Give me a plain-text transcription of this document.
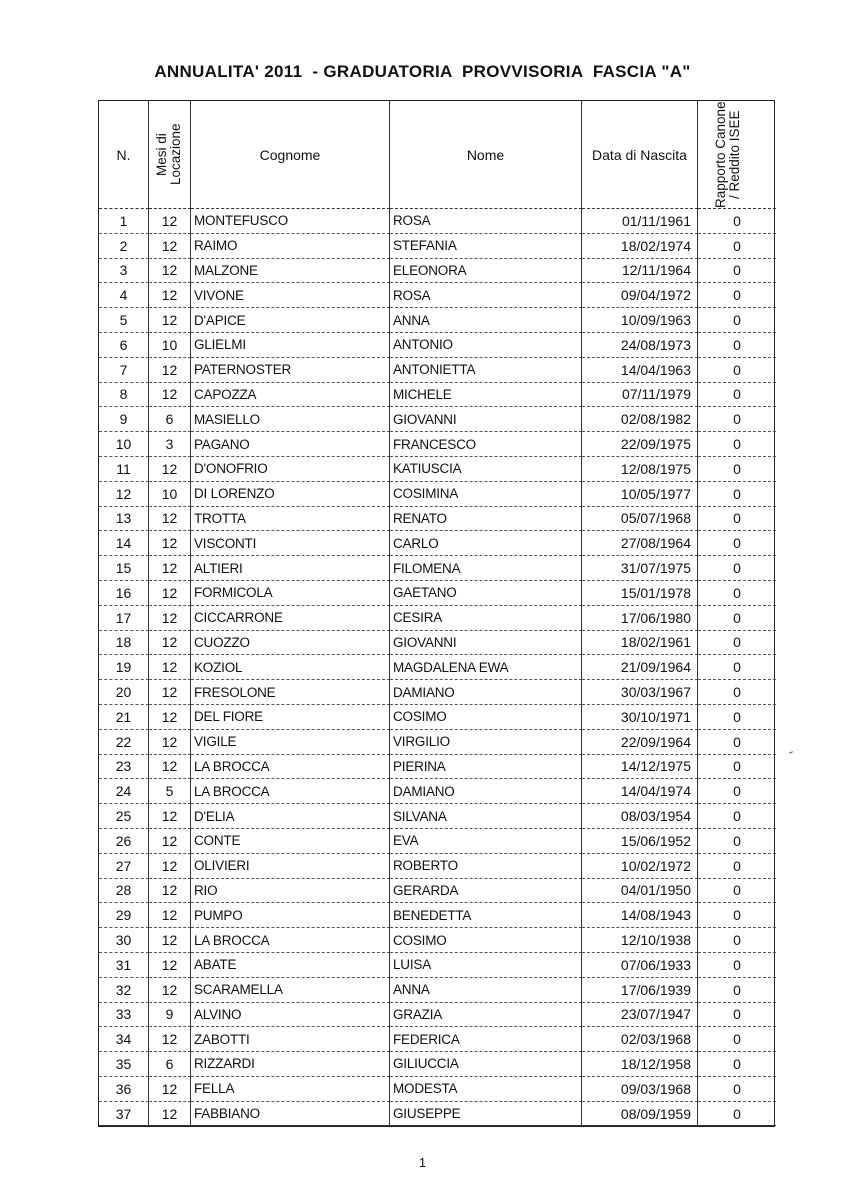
ANNUALITA' 2011  - GRADUATORIA  PROVVISORIA  FASCIA "A"
N.	Mesi di Locazione	Cognome	Nome	Data di Nascita	Rapporto Canone / Reddito ISEE
1	12	MONTEFUSCO	ROSA	01/11/1961	0
2	12	RAIMO	STEFANIA	18/02/1974	0
3	12	MALZONE	ELEONORA	12/11/1964	0
4	12	VIVONE	ROSA	09/04/1972	0
5	12	D'APICE	ANNA	10/09/1963	0
6	10	GLIELMI	ANTONIO	24/08/1973	0
7	12	PATERNOSTER	ANTONIETTA	14/04/1963	0
8	12	CAPOZZA	MICHELE	07/11/1979	0
9	6	MASIELLO	GIOVANNI	02/08/1982	0
10	3	PAGANO	FRANCESCO	22/09/1975	0
11	12	D'ONOFRIO	KATIUSCIA	12/08/1975	0
12	10	DI LORENZO	COSIMINA	10/05/1977	0
13	12	TROTTA	RENATO	05/07/1968	0
14	12	VISCONTI	CARLO	27/08/1964	0
15	12	ALTIERI	FILOMENA	31/07/1975	0
16	12	FORMICOLA	GAETANO	15/01/1978	0
17	12	CICCARRONE	CESIRA	17/06/1980	0
18	12	CUOZZO	GIOVANNI	18/02/1961	0
19	12	KOZIOL	MAGDALENA EWA	21/09/1964	0
20	12	FRESOLONE	DAMIANO	30/03/1967	0
21	12	DEL FIORE	COSIMO	30/10/1971	0
22	12	VIGILE	VIRGILIO	22/09/1964	0
23	12	LA BROCCA	PIERINA	14/12/1975	0
24	5	LA BROCCA	DAMIANO	14/04/1974	0
25	12	D'ELIA	SILVANA	08/03/1954	0
26	12	CONTE	EVA	15/06/1952	0
27	12	OLIVIERI	ROBERTO	10/02/1972	0
28	12	RIO	GERARDA	04/01/1950	0
29	12	PUMPO	BENEDETTA	14/08/1943	0
30	12	LA BROCCA	COSIMO	12/10/1938	0
31	12	ABATE	LUISA	07/06/1933	0
32	12	SCARAMELLA	ANNA	17/06/1939	0
33	9	ALVINO	GRAZIA	23/07/1947	0
34	12	ZABOTTI	FEDERICA	02/03/1968	0
35	6	RIZZARDI	GILIUCCIA	18/12/1958	0
36	12	FELLA	MODESTA	09/03/1968	0
37	12	FABBIANO	GIUSEPPE	08/09/1959	0
1
